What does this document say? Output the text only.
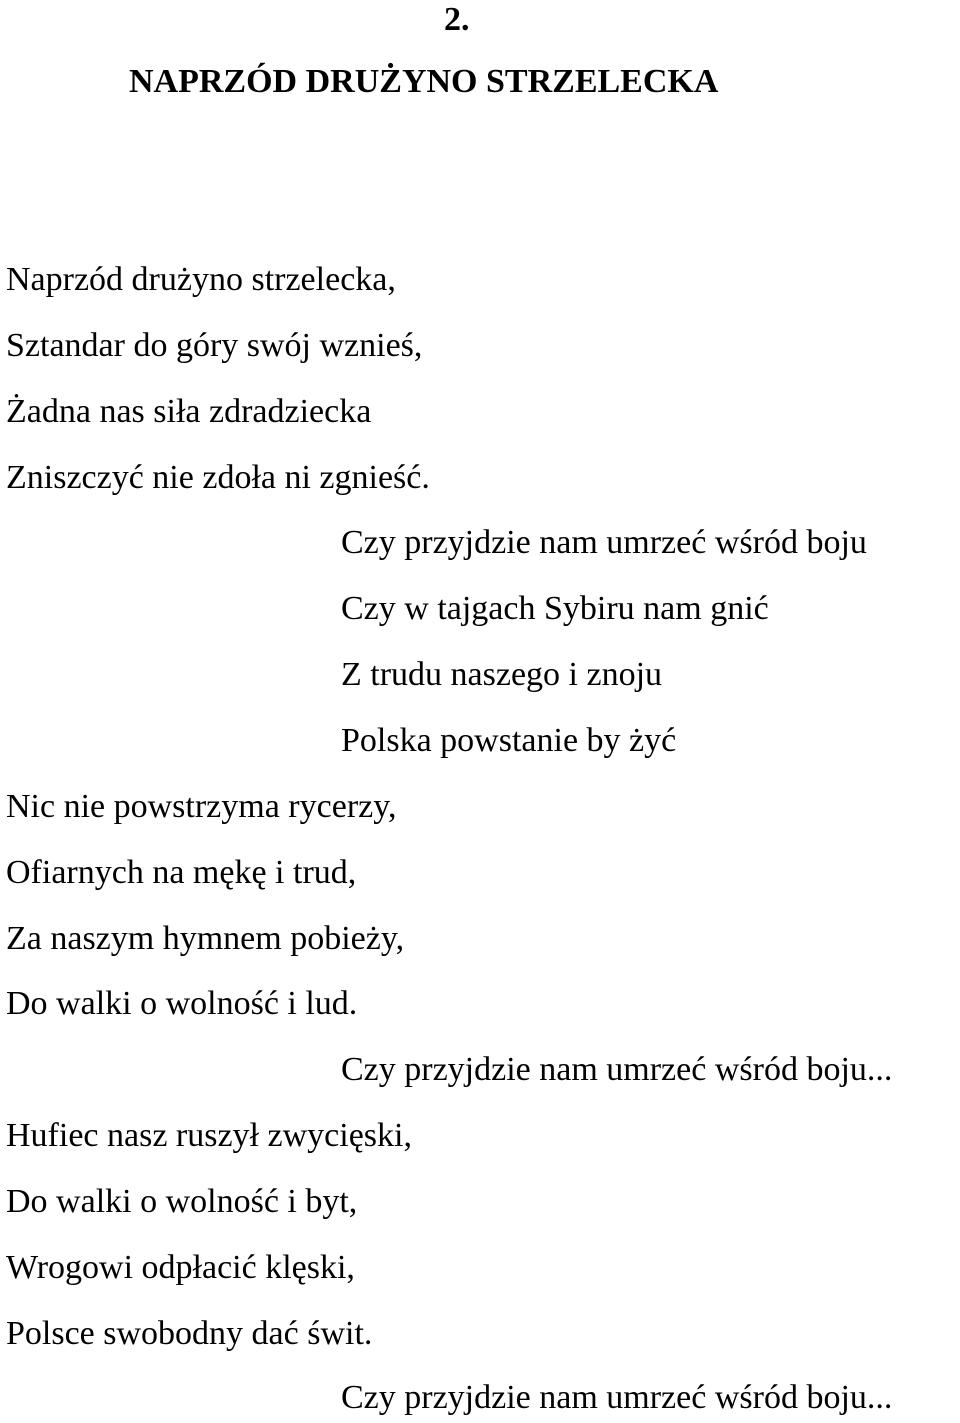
2.
NAPRZÓD DRUŻYNO STRZELECKA
Naprzód drużyno strzelecka,
Sztandar do góry swój wznieś,
Żadna nas siła zdradziecka
Zniszczyć nie zdoła ni zgnieść.
Czy przyjdzie nam umrzeć wśród boju
Czy w tajgach Sybiru nam gnić
Z trudu naszego i znoju
Polska powstanie by żyć
Nic nie powstrzyma rycerzy,
Ofiarnych na mękę i trud,
Za naszym hymnem pobieży,
Do walki o wolność i lud.
Czy przyjdzie nam umrzeć wśród boju...
Hufiec nasz ruszył zwycięski,
Do walki o wolność i byt,
Wrogowi odpłacić klęski,
Polsce swobodny dać świt.
Czy przyjdzie nam umrzeć wśród boju...
